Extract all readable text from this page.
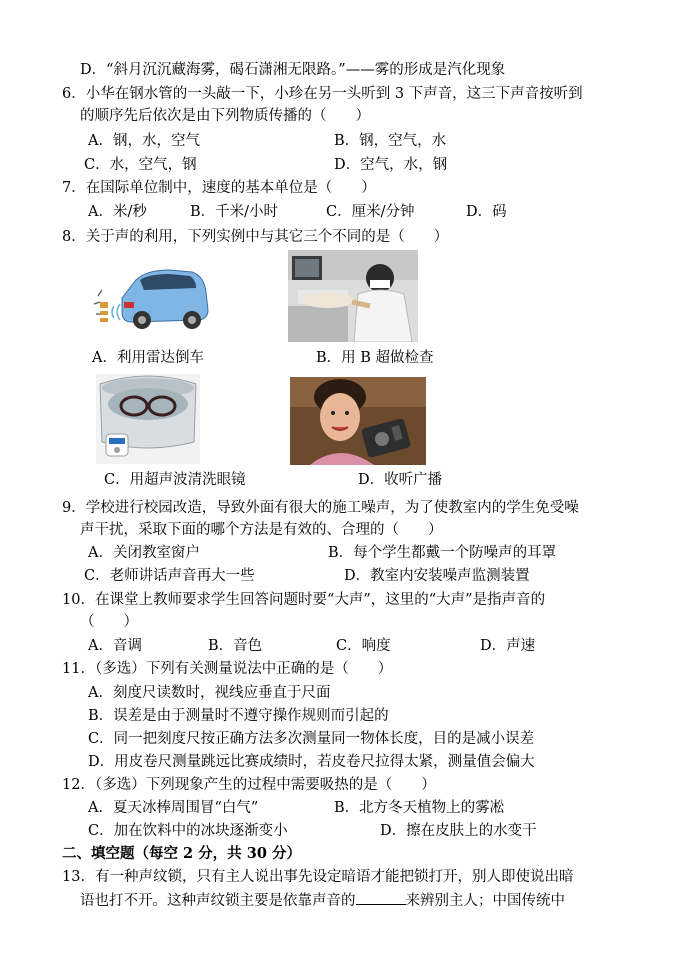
D．“斜月沉沉藏海雾，碣石潇湘无限路。”——雾的形成是汽化现象
6．小华在钢水管的一头敲一下，小珍在另一头听到 3 下声音，这三下声音按听到
的顺序先后依次是由下列物质传播的（　　）
A．钢，水，空气	B．钢，空气，水
C．水，空气，钢	D．空气，水，钢
7．在国际单位制中，速度的基本单位是（　　）
A．米/秒	B．千米/小时	C．厘米/分钟	D．码
8．关于声的利用，下列实例中与其它三个不同的是（　　）
A．利用雷达倒车	B．用 B 超做检查
C．用超声波清洗眼镜	D．收听广播
9．学校进行校园改造，导致外面有很大的施工噪声，为了使教室内的学生免受噪
声干扰，采取下面的哪个方法是有效的、合理的（　　）
A．关闭教室窗户	B．每个学生都戴一个防噪声的耳罩
C．老师讲话声音再大一些	D．教室内安装噪声监测装置
10．在课堂上教师要求学生回答问题时要“大声”，这里的“大声”是指声音的
（　　）
A．音调	B．音色	C．响度	D．声速
11．（多选）下列有关测量说法中正确的是（　　）
A．刻度尺读数时，视线应垂直于尺面
B．误差是由于测量时不遵守操作规则而引起的
C．同一把刻度尺按正确方法多次测量同一物体长度，目的是减小误差
D．用皮卷尺测量跳远比赛成绩时，若皮卷尺拉得太紧，测量值会偏大
12．（多选）下列现象产生的过程中需要吸热的是（　　）
A．夏天冰棒周围冒“白气”	B．北方冬天植物上的雾凇
C．加在饮料中的冰块逐渐变小	D．擦在皮肤上的水变干
二、填空题（每空 2 分，共 30 分）
13．有一种声纹锁，只有主人说出事先设定暗语才能把锁打开，别人即使说出暗
语也打不开。这种声纹锁主要是依靠声音的	来辨别主人；中国传统中
